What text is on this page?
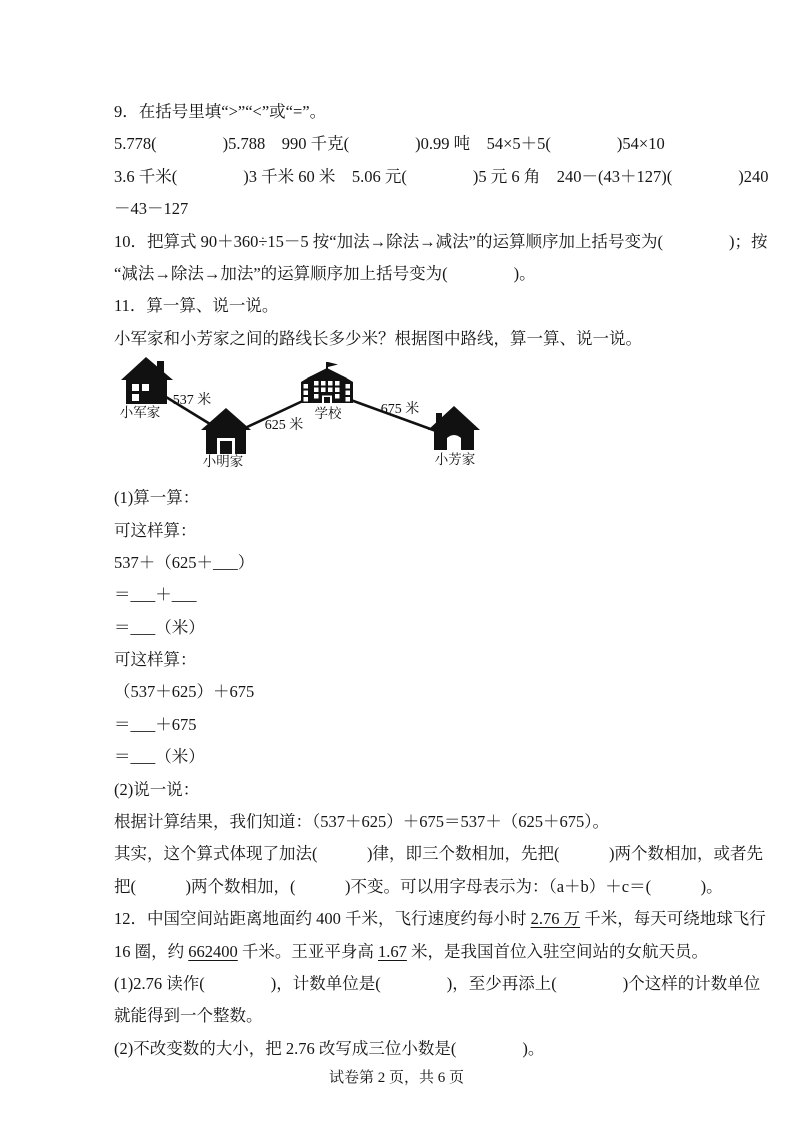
9．在括号里填“>”“<”或“=”。
5.778(　　　　)5.788　990 千克(　　　　)0.99 吨　54×5＋5(　　　　)54×10
3.6 千米(　　　　)3 千米 60 米　5.06 元(　　　　)5 元 6 角　240－(43＋127)(　　　　)240
－43－127
10．把算式 90＋360÷15－5 按“加法→除法→减法”的运算顺序加上括号变为(　　　　)；按
“减法→除法→加法”的运算顺序加上括号变为(　　　　)。
11．算一算、说一说。
小军家和小芳家之间的路线长多少米？根据图中路线，算一算、说一说。
小军家
537 米
小明家
625 米
学校	675 米
小芳家
(1)算一算：
可这样算：
537＋（625＋___）
＝___＋___
＝___（米）
可这样算：
（537＋625）＋675
＝___＋675
＝___（米）
(2)说一说：
根据计算结果，我们知道：（537＋625）＋675＝537＋（625＋675）。
其实，这个算式体现了加法(　　　)律，即三个数相加，先把(　　　)两个数相加，或者先
把(　　　)两个数相加，(　　　)不变。可以用字母表示为：（a＋b）＋c＝(　　　)。
12．中国空间站距离地面约 400 千米，飞行速度约每小时 2.76 万 千米，每天可绕地球飞行
16 圈，约 662400 千米。王亚平身高 1.67 米，是我国首位入驻空间站的女航天员。
(1)2.76 读作(　　　　)，计数单位是(　　　　)，至少再添上(　　　　)个这样的计数单位
就能得到一个整数。
(2)不改变数的大小，把 2.76 改写成三位小数是(　　　　)。
试卷第 2 页，共 6 页
